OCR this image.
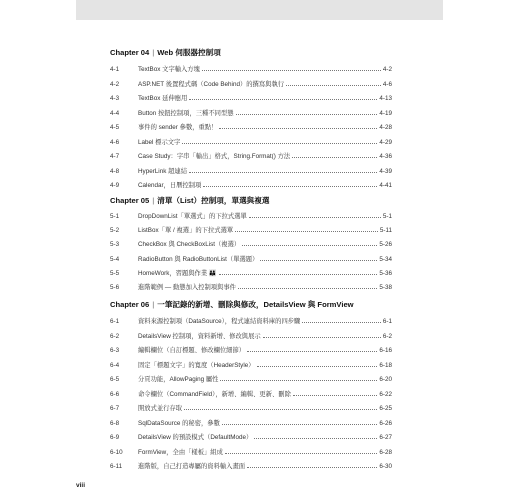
Chapter 04 | Web 伺服器控制項
4-1	TextBox 文字輸入方塊	4-2
4-2	ASP.NET 後置程式碼（Code Behind）的撰寫與執行	4-6
4-3	TextBox 延伸應用	4-13
4-4	Button 按鈕控制項，三種不同型態	4-19
4-5	事件的 sender 參數，重點！	4-28
4-6	Label 標示文字	4-29
4-7	Case Study：字串「輸出」格式，String.Format() 方法	4-36
4-8	HyperLink 超連結	4-39
4-9	Calendar，日曆控制項	4-41
Chapter 05 | 清單（List）控制項，單選與複選
5-1	DropDownList「單選式」的下拉式選單	5-1
5-2	ListBox「單 / 複選」的下拉式選單	5-11
5-3	CheckBox 與 CheckBoxList（複選）	5-26
5-4	RadioButton 與 RadioButtonList（單選題）	5-34
5-5	HomeWork，習題與作業 👪	5-36
5-6	進階範例 — 動態加入控制項與事件	5-38
Chapter 06 | 一筆記錄的新增、刪除與修改，DetailsView 與 FormView
6-1	資料來源控制項（DataSource），程式連結資料庫的四步驟	6-1
6-2	DetailsView 控制項，資料新增、修改與展示	6-2
6-3	編輯欄位（自訂標題、修改欄位細節）	6-16
6-4	固定「標題文字」的寬度（HeaderStyle）	6-18
6-5	分頁功能，AllowPaging 屬性	6-20
6-6	命令欄位（CommandField），新增、編輯、更新、刪除	6-22
6-7	開放式並行存取	6-25
6-8	SqlDataSource 的秘密，參數	6-26
6-9	DetailsView 的預設模式（DefaultMode）	6-27
6-10	FormView，全由「樣板」組成	6-28
6-11	進階版，自己打造專屬的資料輸入畫面	6-30
viii
